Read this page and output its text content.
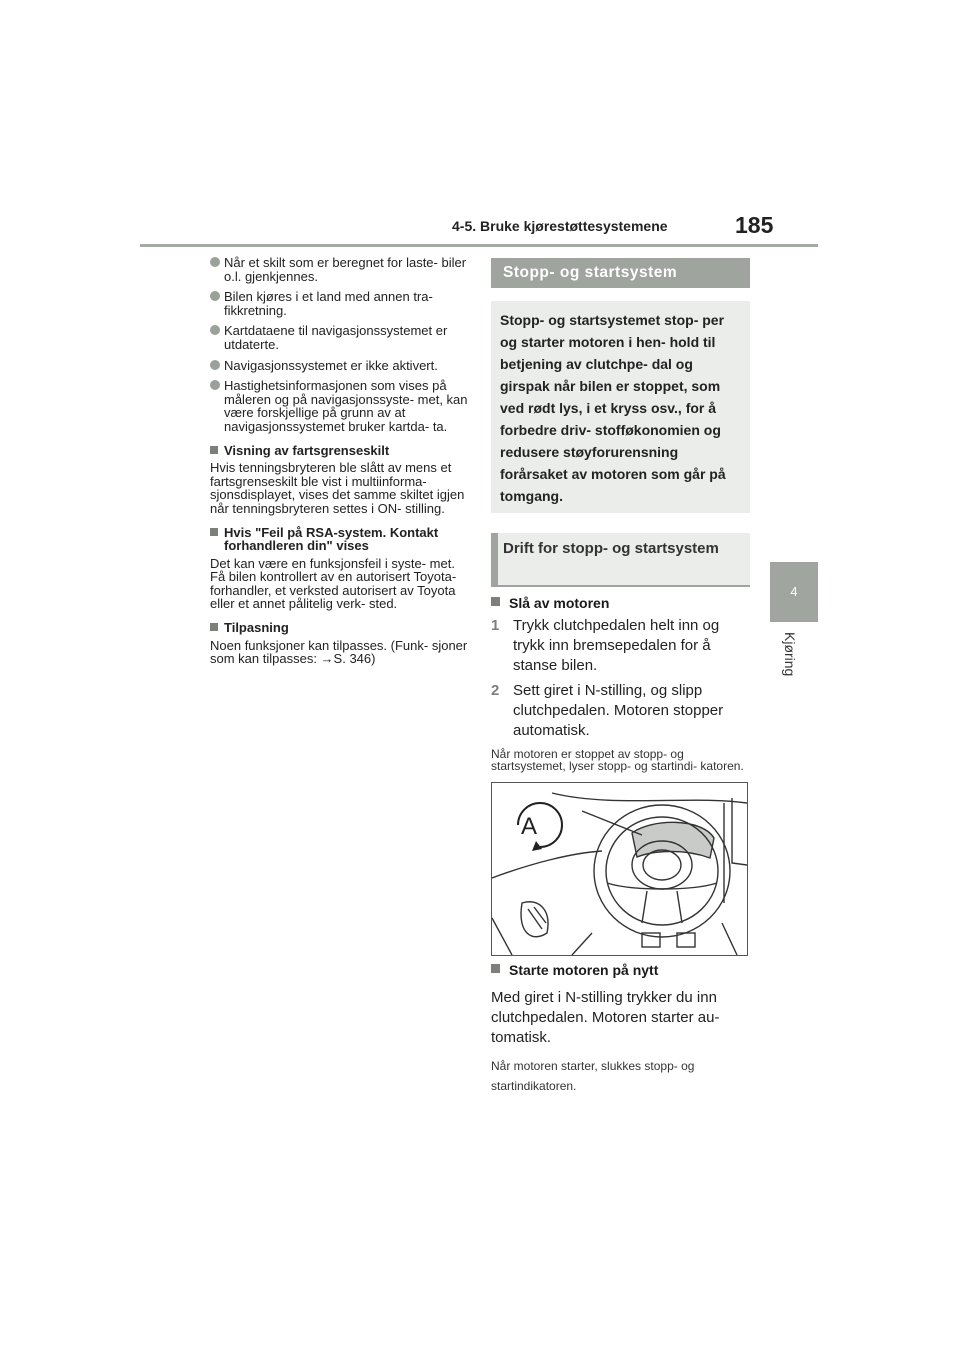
4-5. Bruke kjørestøttesystemene	185
4
Kjøring
Når et skilt som er beregnet for laste- biler o.l. gjenkjennes.
Bilen kjøres i et land med annen tra- fikkretning.
Kartdataene til navigasjonssystemet er utdaterte.
Navigasjonssystemet er ikke aktivert.
Hastighetsinformasjonen som vises på måleren og på navigasjonssyste- met, kan være forskjellige på grunn av at navigasjonssystemet bruker kartda- ta.
Visning av fartsgrenseskilt
Hvis tenningsbryteren ble slått av mens et fartsgrenseskilt ble vist i multiinforma- sjonsdisplayet, vises det samme skiltet igjen når tenningsbryteren settes i ON- stilling.
Hvis "Feil på RSA-system. Kontakt forhandleren din" vises
Det kan være en funksjonsfeil i syste- met. Få bilen kontrollert av en autorisert Toyota-forhandler, et verksted autorisert av Toyota eller et annet pålitelig verk- sted.
Tilpasning
Noen funksjoner kan tilpasses. (Funk- sjoner som kan tilpasses: →S. 346)
Stopp- og startsystem
Stopp- og startsystemet stop- per og starter motoren i hen- hold til betjening av clutchpe- dal og girspak når bilen er stoppet, som ved rødt lys, i et kryss osv., for å forbedre driv- stofføkonomien og redusere støyforurensning forårsaket av motoren som går på tomgang.
Drift for stopp- og startsystem
Slå av motoren
1 Trykk clutchpedalen helt inn og trykk inn bremsepedalen for å stanse bilen.
2 Sett giret i N-stilling, og slipp clutchpedalen. Motoren stopper automatisk.
Når motoren er stoppet av stopp- og startsystemet, lyser stopp- og startindi- katoren.
A
Starte motoren på nytt
Med giret i N-stilling trykker du inn clutchpedalen. Motoren starter au- tomatisk.
Når motoren starter, slukkes stopp- og startindikatoren.
